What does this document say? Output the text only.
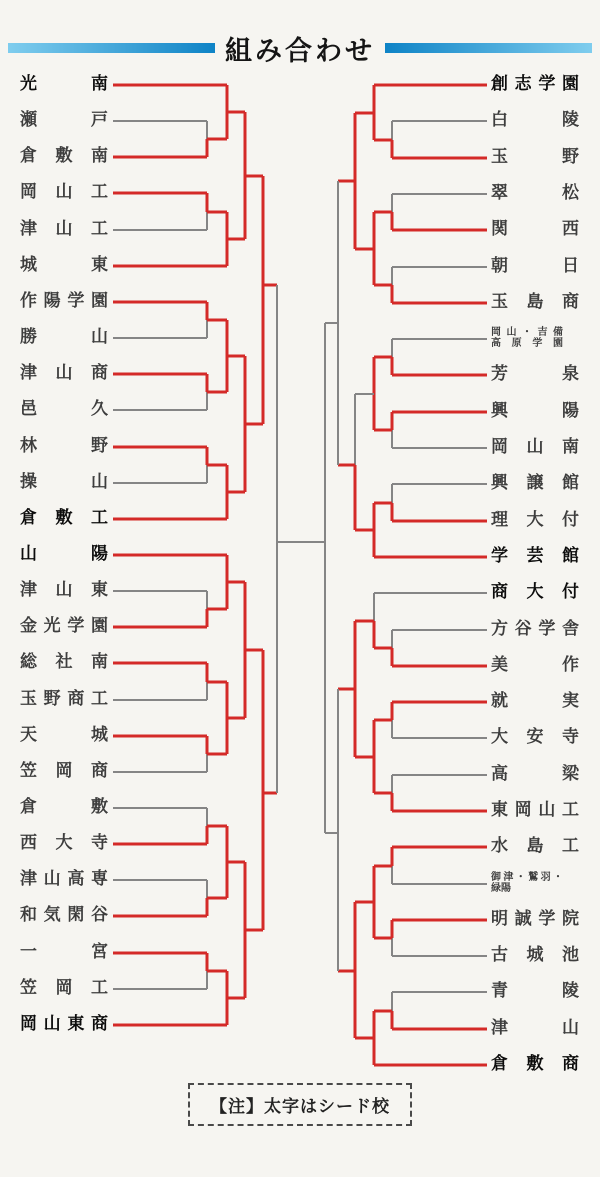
組み合わせ
光	南
瀬	戸
倉 敷 南
岡 山 工
津 山 工
城	東
作 陽 学 園
勝	山
津 山 商
邑	久
林	野
操	山
倉 敷 工
山	陽
津 山 東
金 光 学 園
総 社 南
玉 野 商 工
天	城
笠 岡 商
倉	敷
西 大 寺
津 山 高 専
和 気 閑 谷
一	宮
笠 岡 工
岡 山 東 商
創 志 学 園
白	陵
玉	野
翠	松
関	西
朝	日
玉 島 商
岡 山 ・ 吉 備
高 原 学 園
芳	泉
興	陽
岡 山 南
興 譲 館
理 大 付
学 芸 館
商 大 付
方 谷 学 舎
美	作
就	実
大 安 寺
高	梁
東 岡 山 工
水 島 工
御 津 ・ 鷲 羽 ・
緑陽
明 誠 学 院
古 城 池
青	陵
津	山
倉 敷 商
【注】太字はシード校
